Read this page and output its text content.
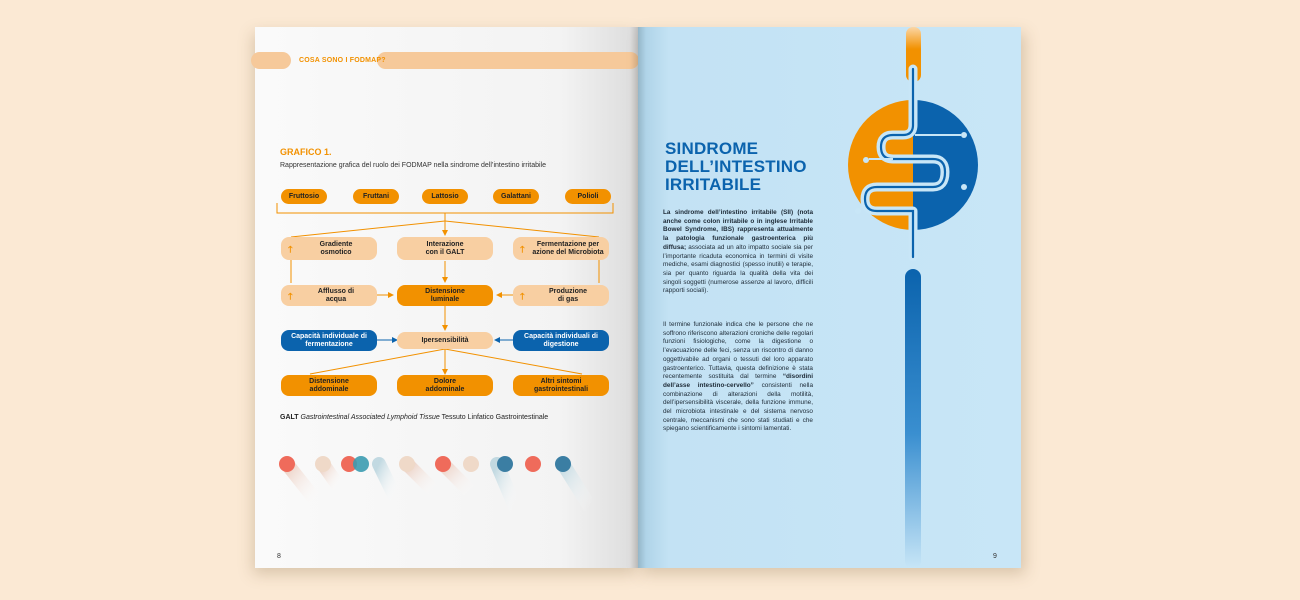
COSA SONO I FODMAP?
GRAFICO 1.
Rappresentazione grafica del ruolo dei FODMAP nella sindrome dell’intestino irritabile
Fruttosio	Fruttani	Lattosio	Galattani	Polioli
🡑	Gradiente osmotico
Interazione con il GALT	🡑	Fermentazione per azione del Microbiota
🡑	Afflusso di acqua
Distensione luminale	🡑	Produzione di gas
Capacità individuale di fermentazione
Ipersensibilità
Capacità individuali di digestione
Distensione addominale
Dolore addominale
Altri sintomi gastrointestinali
GALT Gastrointestinal Associated Lymphoid Tissue Tessuto Linfatico Gastrointestinale
8
SINDROME
DELL’INTESTINO
IRRITABILE
La sindrome dell’intestino irritabile (SII) (nota anche come colon irritabile o in inglese Irritable Bowel Syndrome, IBS) rappresenta attualmente la patologia funzionale gastroenterica più diffusa; associata ad un alto impatto sociale sia per l’importante ricaduta economica in termini di visite mediche, esami diagnostici (spesso inutili) e terapie, sia per quanto riguarda la qualità della vita dei singoli soggetti (numerose assenze al lavoro, difficili rapporti sociali).
Il termine funzionale indica che le persone che ne soffrono riferiscono alterazioni croniche delle regolari funzioni fisiologiche, come la digestione o l’evacuazione delle feci, senza un riscontro di danno oggettivabile ad organi o tessuti del loro apparato gastroenterico. Tuttavia, questa definizione è stata recentemente sostituita dal termine “disordini dell’asse intestino-cervello” consistenti nella combinazione di alterazioni della motilità, dell’ipersensibilità viscerale, della funzione immune, del microbiota intestinale e del sistema nervoso centrale, meccanismi che sono stati studiati e che spiegano scientificamente i sintomi lamentati.
9
